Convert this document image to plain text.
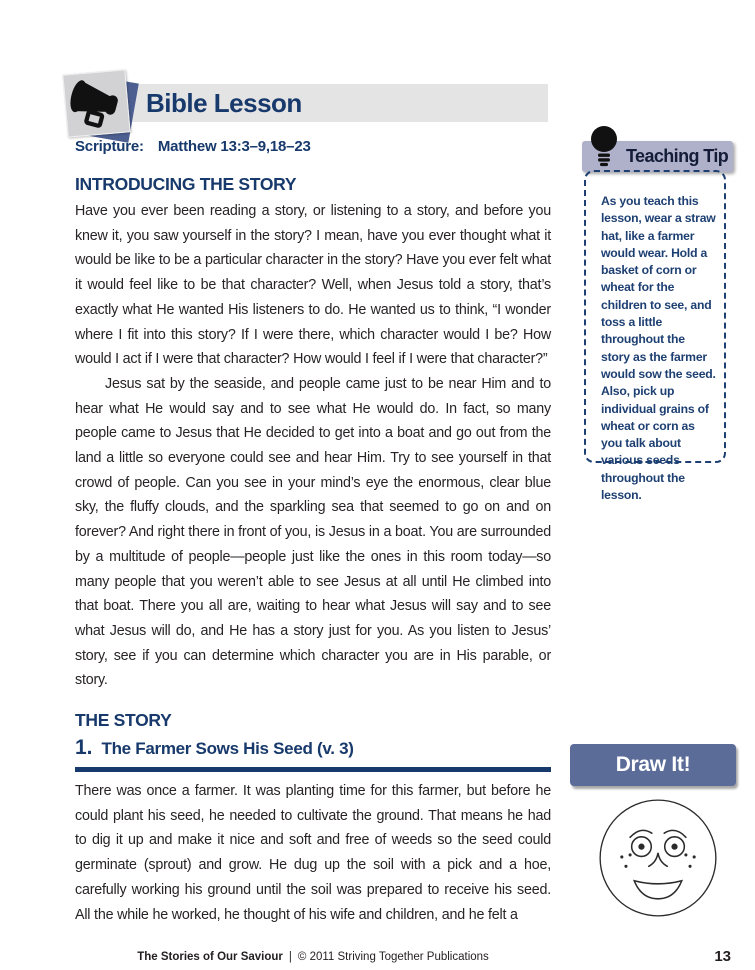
Bible Lesson
Scripture: Matthew 13:3–9,18–23
INTRODUCING THE STORY

Have you ever been reading a story, or listening to a story, and before you knew it, you saw yourself in the story? I mean, have you ever thought what it would be like to be a particular character in the story? Have you ever felt what it would feel like to be that character? Well, when Jesus told a story, that’s exactly what He wanted His listeners to do. He wanted us to think, “I wonder where I fit into this story? If I were there, which character would I be? How would I act if I were that character? How would I feel if I were that character?”

Jesus sat by the seaside, and people came just to be near Him and to hear what He would say and to see what He would do. In fact, so many people came to Jesus that He decided to get into a boat and go out from the land a little so everyone could see and hear Him. Try to see yourself in that crowd of people. Can you see in your mind’s eye the enormous, clear blue sky, the fluffy clouds, and the sparkling sea that seemed to go on and on forever? And right there in front of you, is Jesus in a boat. You are surrounded by a multitude of people—people just like the ones in this room today—so many people that you weren’t able to see Jesus at all until He climbed into that boat. There you all are, waiting to hear what Jesus will say and to see what Jesus will do, and He has a story just for you. As you listen to Jesus’ story, see if you can determine which character you are in His parable, or story.

Teaching Tip
As you teach this lesson, wear a straw hat, like a farmer would wear. Hold a basket of corn or wheat for the children to see, and toss a little throughout the story as the farmer would sow the seed. Also, pick up individual grains of wheat or corn as you talk about various seeds throughout the lesson.
THE STORY
1. The Farmer Sows His Seed (v. 3)

There was once a farmer. It was planting time for this farmer, but before he could plant his seed, he needed to cultivate the ground. That means he had to dig it up and make it nice and soft and free of weeds so the seed could germinate (sprout) and grow. He dug up the soil with a pick and a hoe, carefully working his ground until the soil was prepared to receive his seed. All the while he worked, he thought of his wife and children, and he felt a

Draw It!
The Stories of Our Saviour | © 2011 Striving Together Publications	13
